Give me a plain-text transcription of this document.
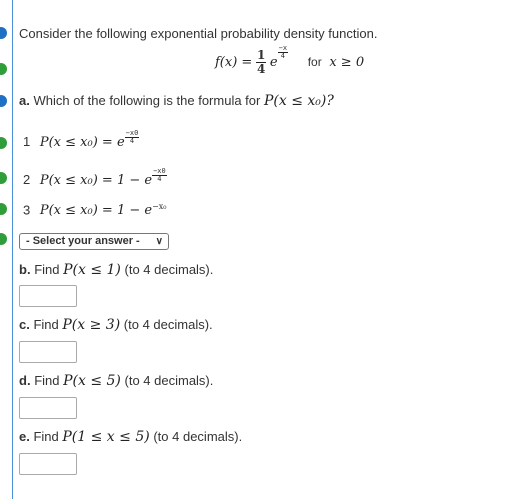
Consider the following exponential probability density function.
$f(x) = \frac{1}{4}$ e
$\frac{-x}{4}$
for x ≥ 0
a. Which of the following is the formula for P(x ≤ x₀)?
1 P(x ≤ x₀) = e $\frac{-x0}{4}$
2 P(x ≤ x₀) = 1 − e $\frac{-x0}{4}$
3 $P(x \le x_0) = 1 - e^{-x_0}$
- Select your answer - ∨
b. Find P(x ≤ 1) (to 4 decimals).
c. Find P(x ≥ 3) (to 4 decimals).
d. Find P(x ≤ 5) (to 4 decimals).
e. Find P(1 ≤ x ≤ 5) (to 4 decimals).
